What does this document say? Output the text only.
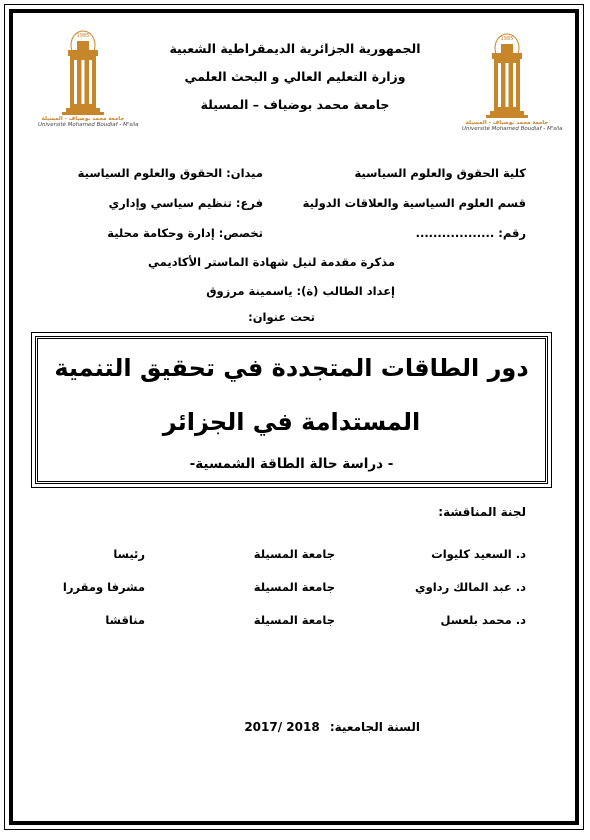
1985
جامعة محمد بوضياف - المسيلة
Université Mohamed Boudiaf - M'sila
1985
جامعة محمد بوضياف - المسيلة
Université Mohamed Boudiaf - M'sila
الجمهورية الجزائرية الديمقراطية الشعبية
وزارة التعليم العالي و البحث العلمي
جامعة محمد بوضياف – المسيلة
كلية الحقوق والعلوم السياسية
ميدان: الحقوق والعلوم السياسية
قسم العلوم السياسية والعلاقات الدولية
فرع: تنظيم سياسي وإداري
رقم: ..................
تخصص: إدارة وحكامة محلية
مذكرة مقدمة لنيل شهادة الماستر الأكاديمي
إعداد الطالب (ة): ياسمينة مرزوق
تحت عنوان:
دور الطاقات المتجددة في تحقيق التنمية
المستدامة في الجزائر
- دراسة حالة الطاقة الشمسية-
لجنة المناقشة:
د. السعيد كليوات
جامعة المسيلة
رئيسا
د. عبد المالك رداوي
جامعة المسيلة
مشرفا ومقررا
د. محمد بلعسل
جامعة المسيلة
مناقشا
السنة الجامعية: 2017/ 2018
